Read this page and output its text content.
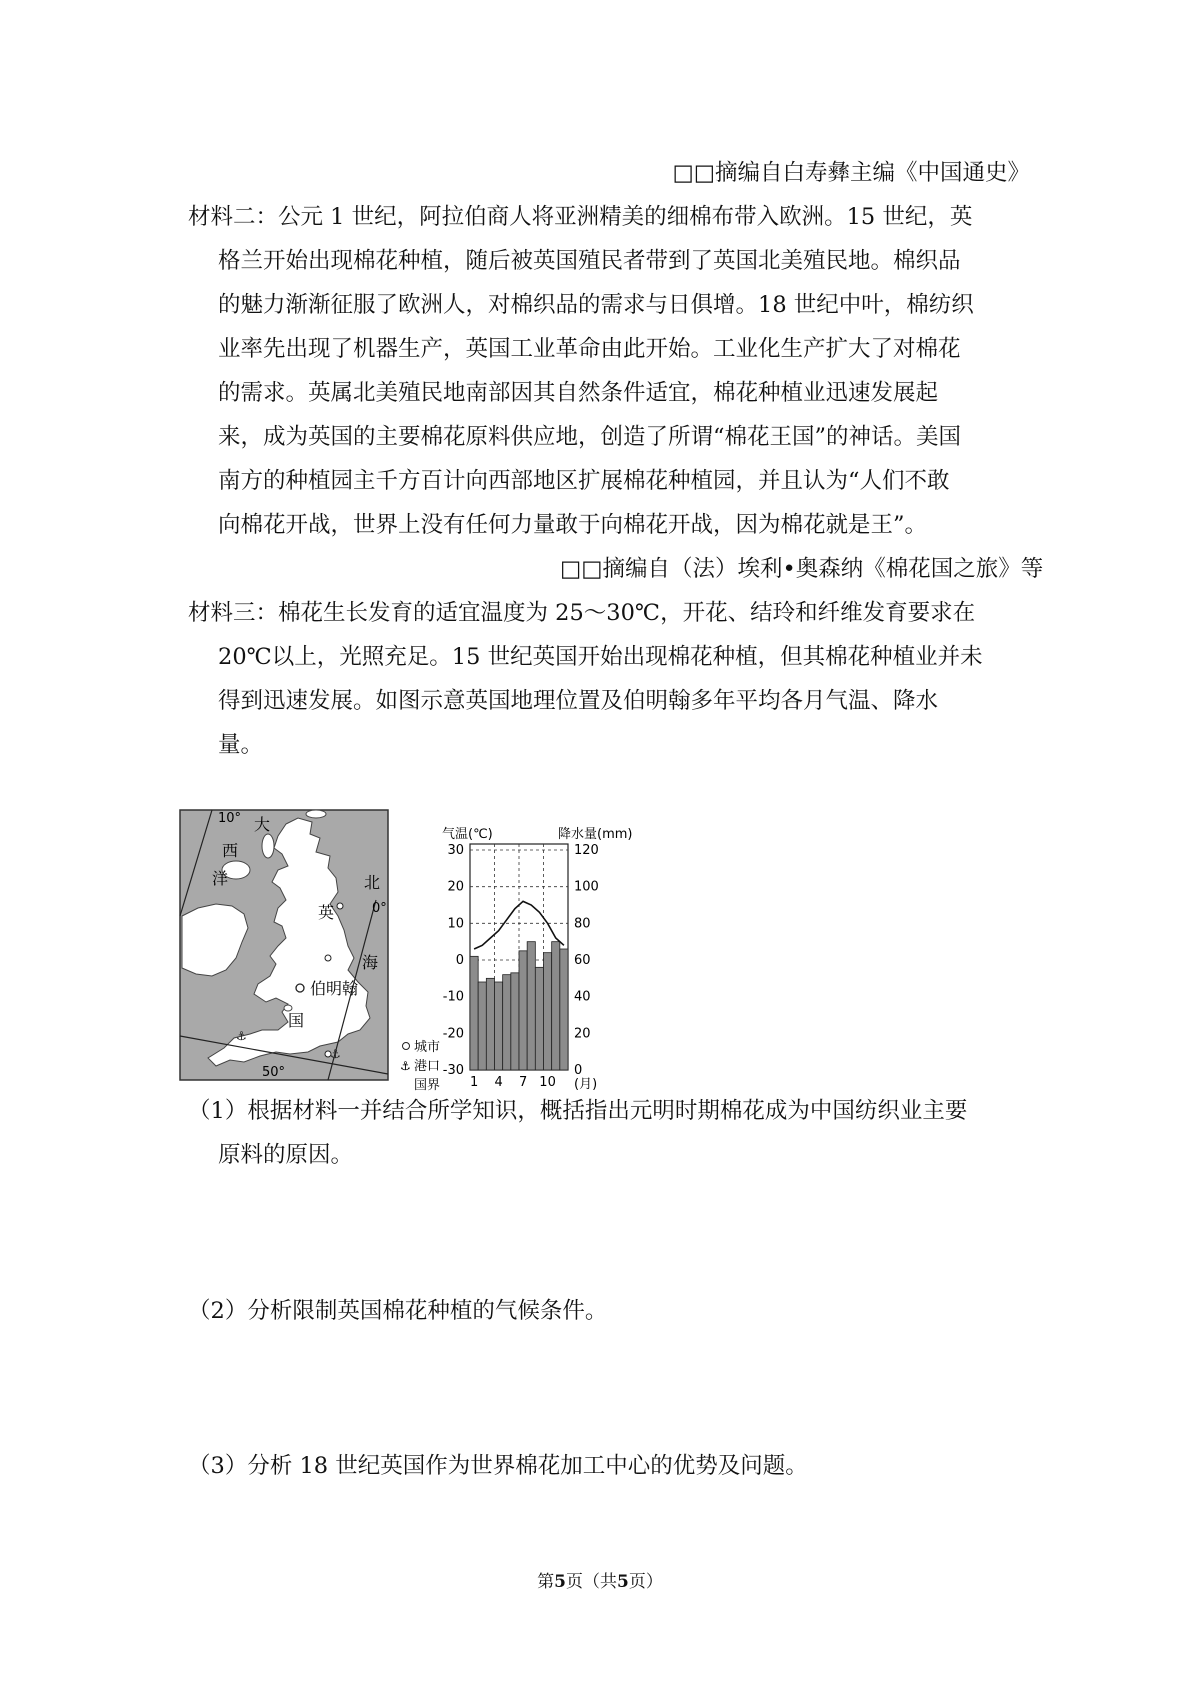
□□摘编自白寿彝主编《中国通史》
材料二：公元 1 世纪，阿拉伯商人将亚洲精美的细棉布带入欧洲。15 世纪，英
格兰开始出现棉花种植，随后被英国殖民者带到了英国北美殖民地。棉织品
的魅力渐渐征服了欧洲人，对棉织品的需求与日俱增。18 世纪中叶，棉纺织
业率先出现了机器生产，英国工业革命由此开始。工业化生产扩大了对棉花
的需求。英属北美殖民地南部因其自然条件适宜，棉花种植业迅速发展起
来，成为英国的主要棉花原料供应地，创造了所谓“棉花王国”的神话。美国
南方的种植园主千方百计向西部地区扩展棉花种植园，并且认为“人们不敢
向棉花开战，世界上没有任何力量敢于向棉花开战，因为棉花就是王”。
□□摘编自（法）埃利•奥森纳《棉花国之旅》等
材料三：棉花生长发育的适宜温度为 25～30℃，开花、结玲和纤维发育要求在
20℃以上，光照充足。15 世纪英国开始出现棉花种植，但其棉花种植业并未
得到迅速发展。如图示意英国地理位置及伯明翰多年平均各月气温、降水
量。
⚓
⚓
10° 大
西
洋	北
0°
英
海
伯明翰
国
50°
城市
⚓ 港口
国界
气温(℃)	降水量(mm)
(月)
30
20
10
0
-10
-20
-30
120
100
80
60
40
20
0
1 4 7 10
（1）根据材料一并结合所学知识，概括指出元明时期棉花成为中国纺织业主要
原料的原因。
（2）分析限制英国棉花种植的气候条件。
（3）分析 18 世纪英国作为世界棉花加工中心的优势及问题。
第5页（共5页）
